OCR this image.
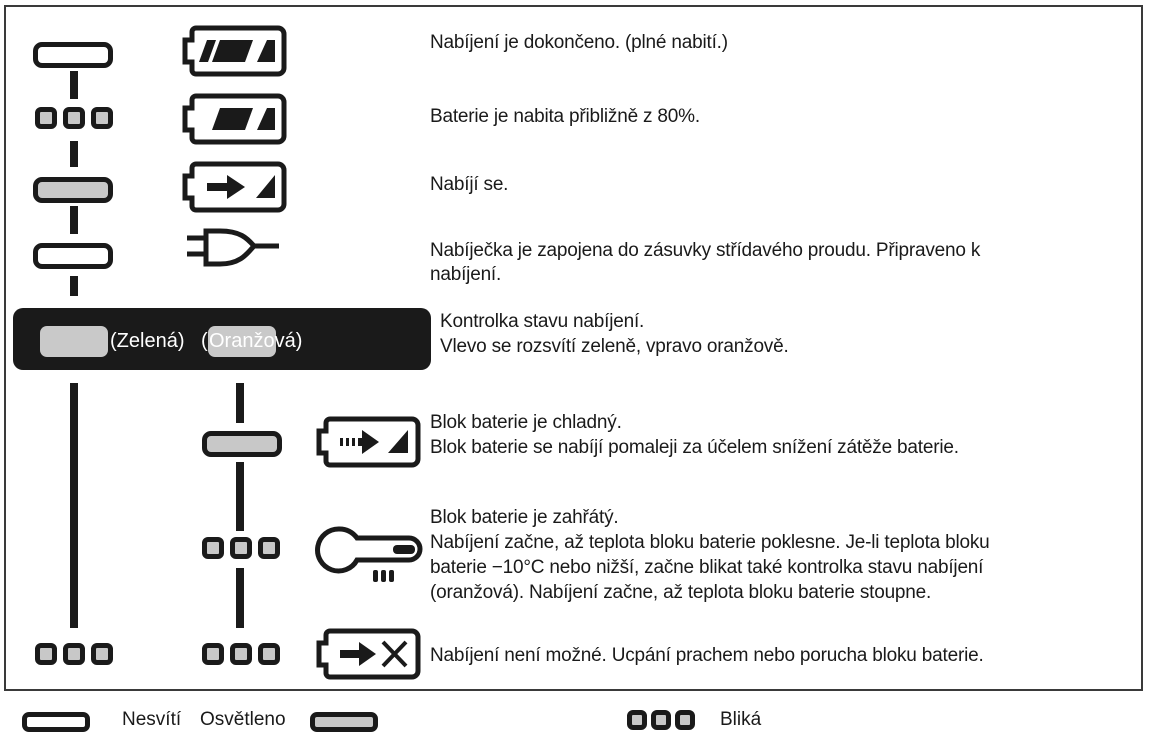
Nabíjení je dokončeno. (plné nabití.)
Baterie je nabita přibližně z 80%.
Nabíjí se.
Nabíječka je zapojena do zásuvky střídavého proudu. Připraveno k
nabíjení.
(Zelená) ( Oranžová)
Kontrolka stavu nabíjení.
Vlevo se rozsvítí zeleně, vpravo oranžově.
Blok baterie je chladný.
Blok baterie se nabíjí pomaleji za účelem snížení zátěže baterie.
Blok baterie je zahřátý.
Nabíjení začne, až teplota bloku baterie poklesne. Je-li teplota bloku
baterie −10°C nebo nižší, začne blikat také kontrolka stavu nabíjení
(oranžová). Nabíjení začne, až teplota bloku baterie stoupne.
Nabíjení není možné. Ucpání prachem nebo porucha bloku baterie.
Nesvítí Osvětleno	Bliká
